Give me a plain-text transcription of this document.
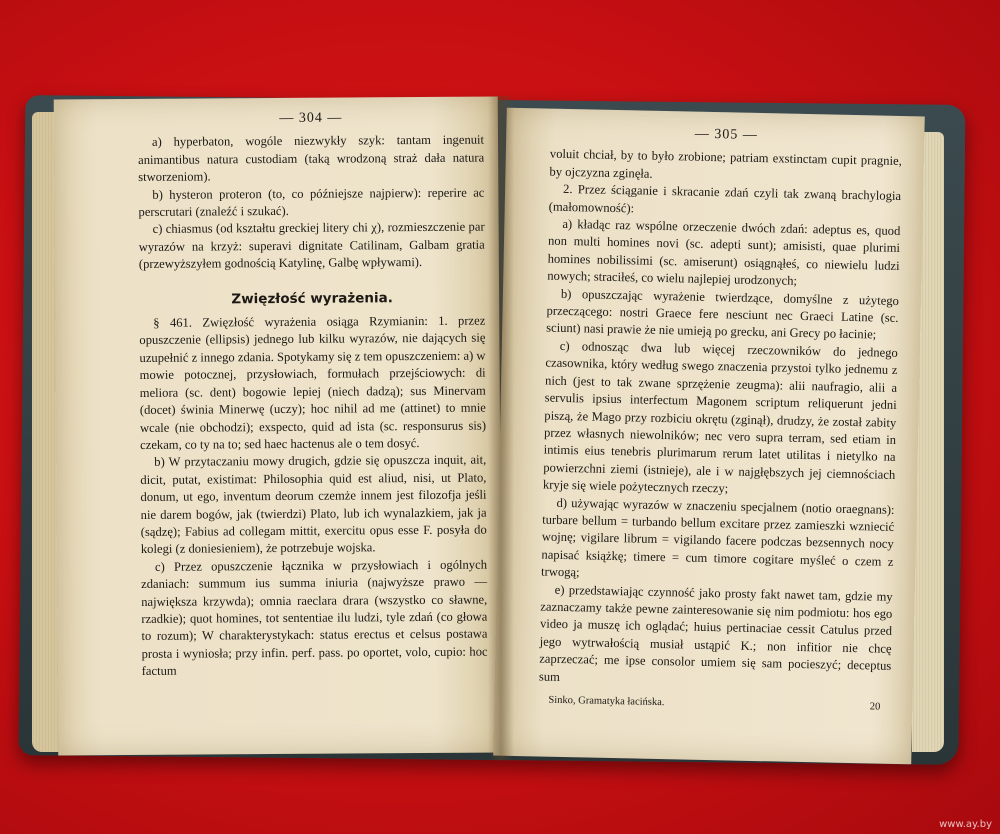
— 304 —

a) hyperbaton, wogóle niezwykły szyk: tantam ingenuit animantibus natura custodiam (taką wrodzoną straż dała natura stworzeniom).

b) hysteron proteron (to, co późniejsze najpierw): reperire ac perscrutari (znaleźć i szukać).

c) chiasmus (od kształtu greckiej litery chi χ), rozmieszczenie par wyrazów na krzyż: superavi dignitate Catilinam, Galbam gratia (przewyższyłem godnością Katylinę, Galbę wpływami).

Zwięzłość wyrażenia.

§ 461. Zwięzłość wyrażenia osiąga Rzymianin: 1. przez opuszczenie (ellipsis) jednego lub kilku wyrazów, nie dających się uzupełnić z innego zdania. Spotykamy się z tem opuszczeniem: a) w mowie potocznej, przysłowiach, formułach przejściowych: di meliora (sc. dent) bogowie lepiej (niech dadzą); sus Minervam (docet) świnia Minerwę (uczy); hoc nihil ad me (attinet) to mnie wcale (nie obchodzi); exspecto, quid ad ista (sc. responsurus sis) czekam, co ty na to; sed haec hactenus ale o tem dosyć.

b) W przytaczaniu mowy drugich, gdzie się opuszcza inquit, ait, dicit, putat, existimat: Philosophia quid est aliud, nisi, ut Plato, donum, ut ego, inventum deorum czemże innem jest filozofja jeśli nie darem bogów, jak (twierdzi) Plato, lub ich wynalazkiem, jak ja (sądzę); Fabius ad collegam mittit, exercitu opus esse F. posyła do kolegi (z doniesieniem), że potrzebuje wojska.

c) Przez opuszczenie łącznika w przysłowiach i ogólnych zdaniach: summum ius summa iniuria (najwyższe prawo — największa krzywda); omnia raeclara drara (wszystko co sławne, rzadkie); quot homines, tot sententiae ilu ludzi, tyle zdań (co głowa to rozum); W charakterystykach: status erectus et celsus postawa prosta i wyniosła; przy infin. perf. pass. po oportet, volo, cupio: hoc factum

— 305 —

voluit chciał, by to było zrobione; patriam exstinctam cupit pragnie, by ojczyzna zginęła.

2. Przez ściąganie i skracanie zdań czyli tak zwaną brachylogia (małomowność):

a) kładąc raz wspólne orzeczenie dwóch zdań: adeptus es, quod non multi homines novi (sc. adepti sunt); amisisti, quae plurimi homines nobilissimi (sc. amiserunt) osiągnąłeś, co niewielu ludzi nowych; straciłeś, co wielu najlepiej urodzonych;

b) opuszczając wyrażenie twierdzące, domyślne z użytego przeczącego: nostri Graece fere nesciunt nec Graeci Latine (sc. sciunt) nasi prawie że nie umieją po grecku, ani Grecy po łacinie;

c) odnosząc dwa lub więcej rzeczowników do jednego czasownika, który według swego znaczenia przystoi tylko jednemu z nich (jest to tak zwane sprzężenie zeugma): alii naufragio, alii a servulis ipsius interfectum Magonem scriptum reliquerunt jedni piszą, że Mago przy rozbiciu okrętu (zginął), drudzy, że został zabity przez własnych niewolników; nec vero supra terram, sed etiam in intimis eius tenebris plurimarum rerum latet utilitas i nietylko na powierzchni ziemi (istnieje), ale i w najgłębszych jej ciemnościach kryje się wiele pożytecznych rzeczy;

d) używając wyrazów w znaczeniu specjalnem (notio oraegnans): turbare bellum = turbando bellum excitare przez zamieszki wzniecić wojnę; vigilare librum = vigilando facere podczas bezsennych nocy napisać książkę; timere = cum timore cogitare myśleć o czem z trwogą;

e) przedstawiając czynność jako prosty fakt nawet tam, gdzie my zaznaczamy także pewne zainteresowanie się nim podmiotu: hos ego video ja muszę ich oglądać; huius pertinaciae cessit Catulus przed jego wytrwałością musiał ustąpić K.; non infitior nie chcę zaprzeczać; me ipse consolor umiem się sam pocieszyć; deceptus sum

Sinko, Gramatyka łacińska.	20
www.ay.by
